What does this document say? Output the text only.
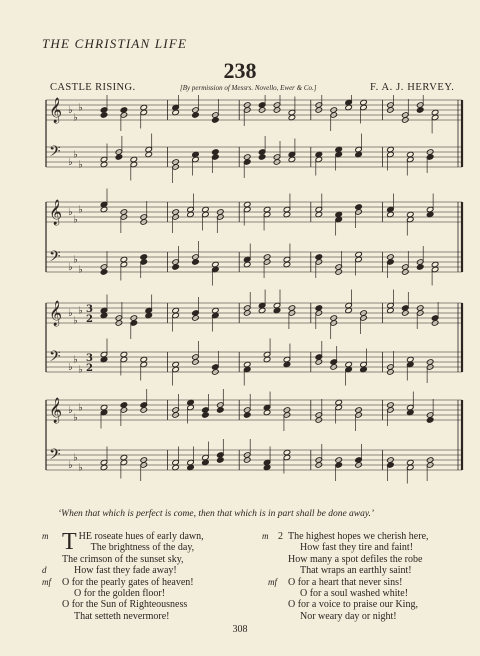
THE CHRISTIAN LIFE
238
CASTLE RISING.	[By permission of Messrs. Novello, Ewer & Co.]	F. A. J. HERVEY.
𝄞 ♭
♭
♭
𝄢 ♭
♭
♭
𝄞 ♭
♭
♭
𝄢 ♭
♭
♭
𝄞 ♭
♭
♭ 3
2
𝄢 ♭
♭
♭
3
2
𝄞 ♭
♭
♭
𝄢 ♭
♭
♭
‘When that which is perfect is come, then that which is in part shall be done away.’
m T HE roseate hues of early dawn,
The brightness of the day,
The crimson of the sunset sky,
d	How fast they fade away!
mf O for the pearly gates of heaven!
O for the golden floor!
O for the Sun of Righteousness
That setteth nevermore!
m 2 The highest hopes we cherish here,
How fast they tire and faint!
How many a spot defiles the robe
That wraps an earthly saint!
mf O for a heart that never sins!
O for a soul washed white!
O for a voice to praise our King,
Nor weary day or night!
308
